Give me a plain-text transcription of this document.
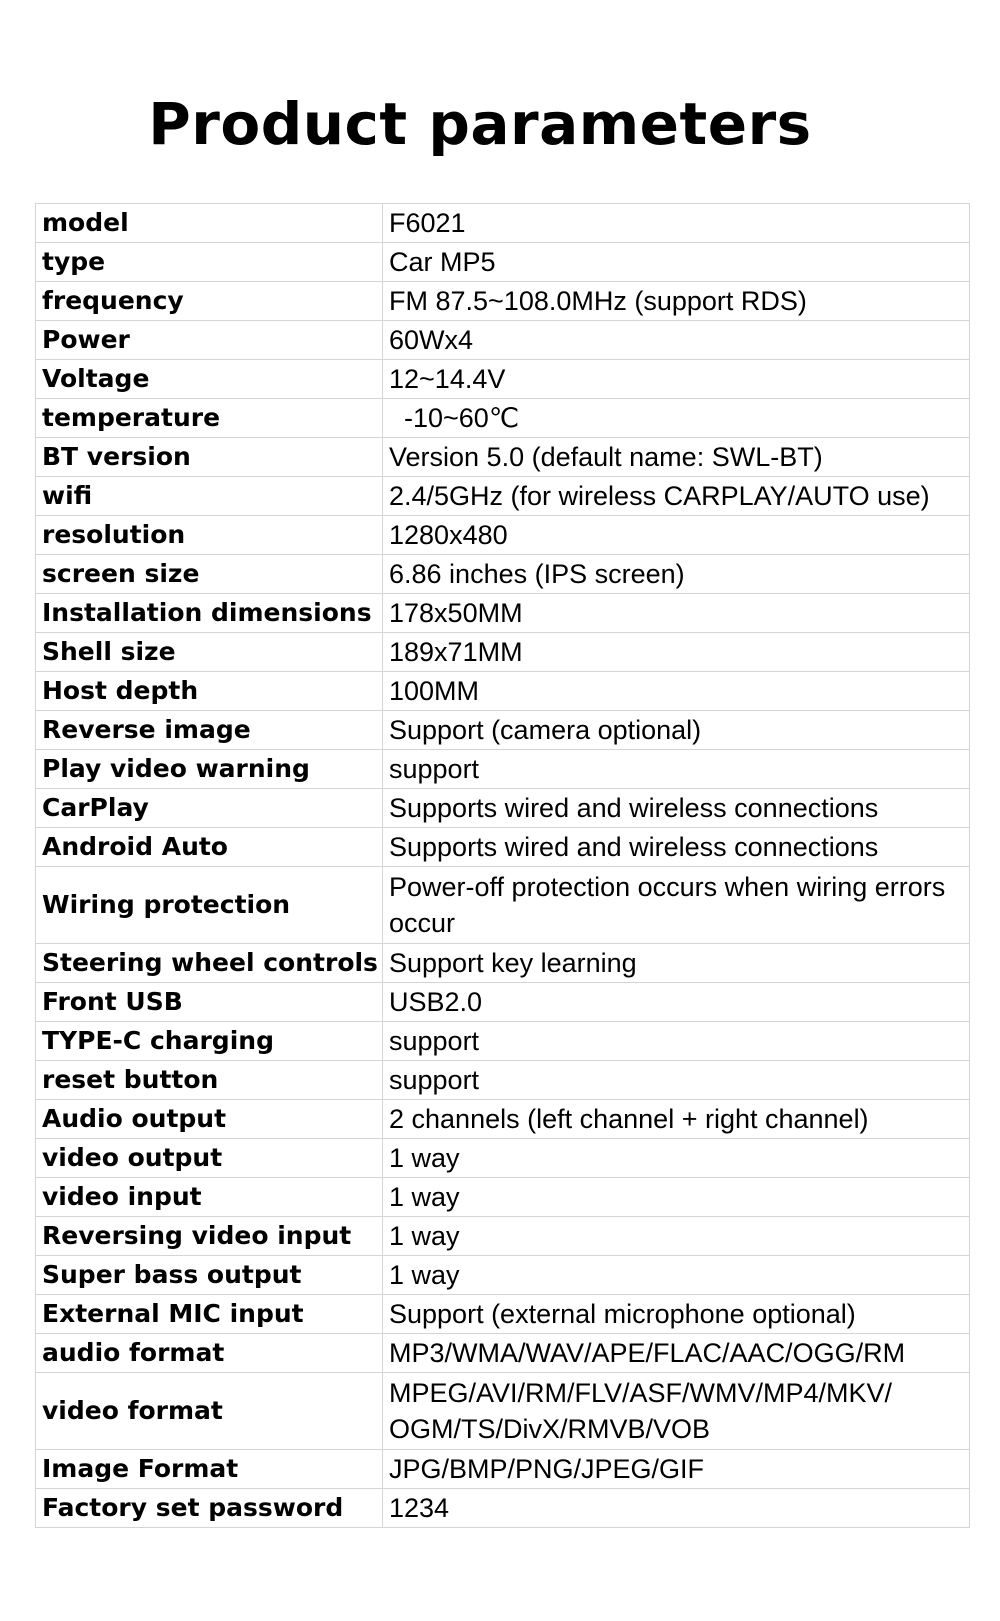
Product parameters
model	F6021
type	Car MP5
frequency	FM 87.5~108.0MHz (support RDS)
Power	60Wx4
Voltage	12~14.4V
temperature	-10~60℃
BT version	Version 5.0 (default name: SWL-BT)
wifi	2.4/5GHz (for wireless CARPLAY/AUTO use)
resolution	1280x480
screen size	6.86 inches (IPS screen)
Installation dimensions	178x50MM
Shell size	189x71MM
Host depth	100MM
Reverse image	Support (camera optional)
Play video warning	support
CarPlay	Supports wired and wireless connections
Android Auto	Supports wired and wireless connections
Wiring protection	Power-off protection occurs when wiring errors occur
Steering wheel controls	Support key learning
Front USB	USB2.0
TYPE-C charging	support
reset button	support
Audio output	2 channels (left channel + right channel)
video output	1 way
video input	1 way
Reversing video input	1 way
Super bass output	1 way
External MIC input	Support (external microphone optional)
audio format	MP3/WMA/WAV/APE/FLAC/AAC/OGG/RM
video format	MPEG/AVI/RM/FLV/ASF/WMV/MP4/MKV/ OGM/TS/DivX/RMVB/VOB
Image Format	JPG/BMP/PNG/JPEG/GIF
Factory set password	1234
